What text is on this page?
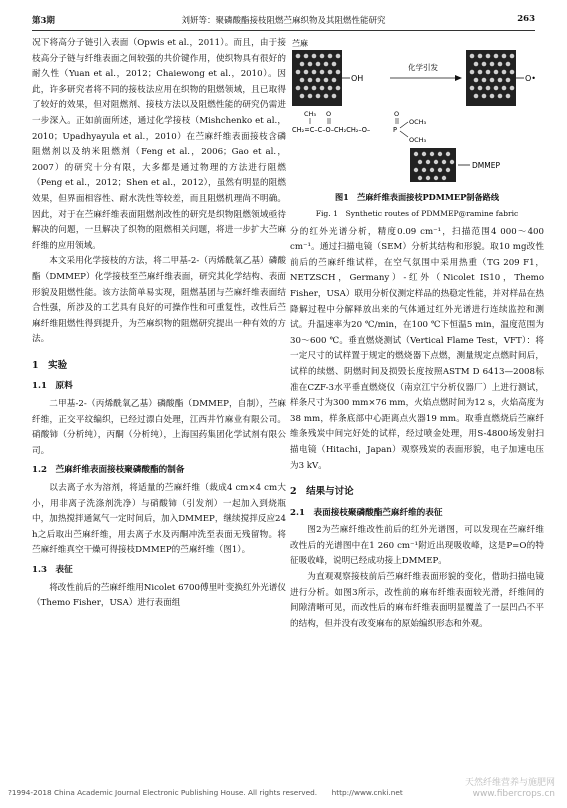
第3期	刘妍等：聚磷酸酯接枝阻燃苎麻织物及其阻燃性能研究	263

况下将高分子链引入表面（Opwis et al.，2011）。而且，由于接枝高分子链与纤维表面之间较强的共价键作用，使织物具有很好的耐久性（Yuan et al.，2012；Chaiewong et al.，2010）。因此，许多研究者将不同的接枝法应用在织物的阻燃领域，且已取得了较好的效果，但对阻燃剂、接枝方法以及阻燃性能的研究仍需进一步深入。正如前面所述，通过化学接枝（Mishchenko et al.，2010；Upadhyayula et al.，2010）在苎麻纤维表面接枝含磷阻燃剂以及纳米阻燃剂（Feng et al.，2006；Gao et al.，2007）的研究十分有限，大多都是通过物理的方法进行阻燃（Peng et al.，2012；Shen et al.，2012），虽然有明显的阻燃效果，但界面相容性、耐水洗性等较差，而且阻燃机理尚不明确。因此，对于在苎麻纤维表面阻燃剂改性的研究是织物阻燃领域亟待解决的问题，一旦解决了织物的阻燃相关问题，将进一步扩大苎麻纤维的应用领域。

本文采用化学接枝的方法，将二甲基-2-（丙烯酰氧乙基）磷酸酯（DMMEP）化学接枝至苎麻纤维表面，研究其化学结构、表面形貌及阻燃性能。该方法简单易实现，阻燃基团与苎麻纤维表面结合性强，所涉及的工艺具有良好的可操作性和可重复性，改性后苎麻纤维阻燃性得到提升，为苎麻织物的阻燃研究提出一种有效的方法。

1　实验
1.1　原料

二甲基-2-（丙烯酰氧乙基）磷酸酯（DMMEP，自制），苎麻纤维，正交平纹编织，已经过漂白处理，江西井竹麻业有限公司。硝酸铈（分析纯），丙酮（分析纯），上海国药集团化学试剂有限公司。

1.2　苎麻纤维表面接枝聚磷酸酯的制备

以去离子水为溶剂，将适量的苎麻纤维（裁成4 cm×4 cm大小，用非离子洗涤剂洗净）与硝酸铈（引发剂）一起加入到烧瓶中，加热搅拌通氮气一定时间后，加入DMMEP，继续搅拌反应24 h之后取出苎麻纤维，用去离子水及丙酮冲洗至表面无残留物。将苎麻纤维真空干燥可得接枝DMMEP的苎麻纤维（图1）。

1.3　表征

将改性前后的苎麻纤维用Nicolet 6700傅里叶变换红外光谱仪（Themo Fisher，USA）进行表面组

苎麻
OH
化学引发
O•
CH₃ O	O
CH₂=C–C–O–CH₂CH₂–O–	P
OCH₃
OCH₃
DMMEP
图1　苎麻纤维表面接枝PDMMEP制备路线
Fig. 1　Synthetic routes of PDMMEP@ramine fabric

分的红外光谱分析，精度0.09 cm⁻¹，扫描范围4 000～400 cm⁻¹。通过扫描电镜（SEM）分析其结构和形貌。取10 mg改性前后的苎麻纤维试样，在空气氛围中采用热重（TG 209 F1，NETZSCH，Germany）-红外（Nicolet IS10，Themo Fisher，USA）联用分析仪测定样品的热稳定性能，并对样品在热降解过程中分解释放出来的气体通过红外光谱进行连续监控和测试。升温速率为20 ℃/min，在100 ℃下恒温5 min，温度范围为30～600 ℃。垂直燃烧测试（Vertical Flame Test，VFT）：将一定尺寸的试样置于规定的燃烧器下点燃，测量规定点燃时间后，试样的续燃、阴燃时间及损毁长度按照ASTM D 6413—2008标准在CZF-3水平垂直燃烧仪（南京江宁分析仪器厂）上进行测试，样条尺寸为300 mm×76 mm，火焰点燃时间为12 s，火焰高度为38 mm，样条底部中心距离点火器19 mm。取垂直燃烧后苎麻纤维条残炭中间完好处的试样，经过喷金处理，用S-4800场发射扫描电镜（Hitachi，Japan）观察残炭的表面形貌，电子加速电压为3 kV。

2　结果与讨论
2.1　表面接枝聚磷酸酯苎麻纤维的表征

图2为苎麻纤维改性前后的红外光谱图，可以发现在苎麻纤维改性后的光谱图中在1 260 cm⁻¹附近出现吸收峰，这是P=O的特征吸收峰，说明已经成功接上DMMEP。

为直观观察接枝前后苎麻纤维表面形貌的变化，借助扫描电镜进行分析。如图3所示，改性前的麻布纤维表面较光滑，纤维间的间隙清晰可见，而改性后的麻布纤维表面明显覆盖了一层凹凸不平的结构，但并没有改变麻布的原始编织形态和外观。

?1994-2018 China Academic Journal Electronic Publishing House. All rights reserved.　　http://www.cnki.net
天然纤维营养与施肥网
www.fibercrops.cn
